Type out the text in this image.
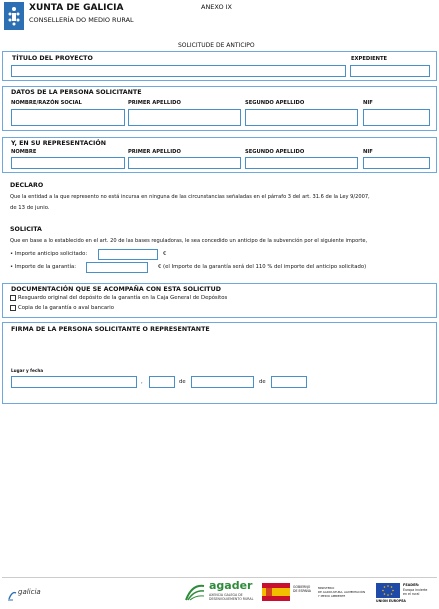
XUNTA DE GALICIA
CONSELLERÍA DO MEDIO RURAL
ANEXO IX
SOLICITUDE DE ANTICIPO
TÍTULO DEL PROYECTO	EXPEDIENTE
DATOS DE LA PERSONA SOLICITANTE
NOMBRE/RAZÓN SOCIAL	PRIMER APELLIDO	SEGUNDO APELLIDO	NIF
Y, EN SU REPRESENTACIÓN
NOMBRE	PRIMER APELLIDO	SEGUNDO APELLIDO	NIF
DECLARO
Que la entidad a la que represento no está incursa en ninguna de las circunstancias señaladas en el párrafo 3 del art. 31.6 de la Ley 9/2007,
de 13 de junio.
SOLICITA
Que en base a lo establecido en el art. 20 de las bases reguladoras, le sea concedido un anticipo de la subvención por el siguiente importe,
• Importe anticipo solicitado:	€
• Importe de la garantía:	€ (el Importe de la garantía será del 110 % del importe del anticipo solicitado)
DOCUMENTACIÓN QUE SE ACOMPAÑA CON ESTA SOLICITUD
Resguardo original del depósito de la garantía en la Caja General de Depósitos
Copia de la garantía o aval bancario
FIRMA DE LA PERSONA SOLICITANTE O REPRESENTANTE
Lugar y fecha
,	de	de
galicia	agader
AXENCIA GALEGA DE
DESENVOLVEMENTO RURAL
GOBIERNO
DE ESPAÑA
MINISTERIO
DE AGRICULTURA, ALIMENTACIÓN
Y MEDIO AMBIENTE
FEADER:
Europa invierte
en el rural
UNIÓN EUROPEA
